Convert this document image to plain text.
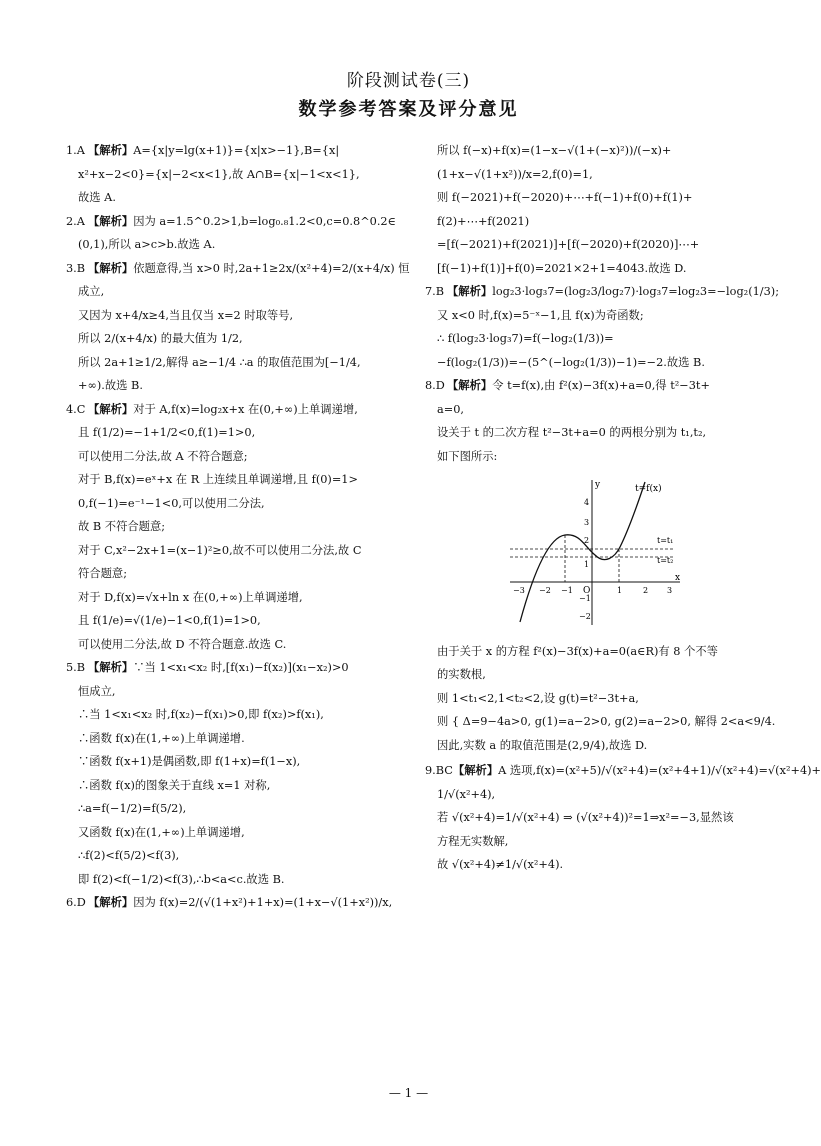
阶段测试卷(三)
数学参考答案及评分意见
1.A 【解析】A={x|y=lg(x+1)}={x|x>−1},B={x|
x²+x−2<0}={x|−2<x<1},故 A∩B={x|−1<x<1},
故选 A.
2.A 【解析】因为 a=1.5^0.2>1,b=log₀.₈1.2<0,c=0.8^0.2∈
(0,1),所以 a>c>b.故选 A.
3.B 【解析】依题意得,当 x>0 时,2a+1≥2x/(x²+4)=2/(x+4/x) 恒
成立,
又因为 x+4/x≥4,当且仅当 x=2 时取等号,
所以 2/(x+4/x) 的最大值为 1/2,
所以 2a+1≥1/2,解得 a≥−1/4 ∴a 的取值范围为[−1/4,
+∞).故选 B.
4.C 【解析】对于 A,f(x)=log₂x+x 在(0,+∞)上单调递增,
且 f(1/2)=−1+1/2<0,f(1)=1>0,
可以使用二分法,故 A 不符合题意;
对于 B,f(x)=eˣ+x 在 R 上连续且单调递增,且 f(0)=1>
0,f(−1)=e⁻¹−1<0,可以使用二分法,
故 B 不符合题意;
对于 C,x²−2x+1=(x−1)²≥0,故不可以使用二分法,故 C
符合题意;
对于 D,f(x)=√x+ln x 在(0,+∞)上单调递增,
且 f(1/e)=√(1/e)−1<0,f(1)=1>0,
可以使用二分法,故 D 不符合题意.故选 C.
5.B 【解析】∵当 1<x₁<x₂ 时,[f(x₁)−f(x₂)](x₁−x₂)>0
恒成立,
∴当 1<x₁<x₂ 时,f(x₂)−f(x₁)>0,即 f(x₂)>f(x₁),
∴函数 f(x)在(1,+∞)上单调递增.
∵函数 f(x+1)是偶函数,即 f(1+x)=f(1−x),
∴函数 f(x)的图象关于直线 x=1 对称,
∴a=f(−1/2)=f(5/2),
又函数 f(x)在(1,+∞)上单调递增,
∴f(2)<f(5/2)<f(3),
即 f(2)<f(−1/2)<f(3),∴b<a<c.故选 B.
6.D 【解析】因为 f(x)=2/(√(1+x²)+1+x)=(1+x−√(1+x²))/x,
所以 f(−x)+f(x)=(1−x−√(1+(−x)²))/(−x)+
(1+x−√(1+x²))/x=2,f(0)=1,
则 f(−2021)+f(−2020)+⋯+f(−1)+f(0)+f(1)+
f(2)+⋯+f(2021)
=[f(−2021)+f(2021)]+[f(−2020)+f(2020)]⋯+
[f(−1)+f(1)]+f(0)=2021×2+1=4043.故选 D.
7.B 【解析】log₂3·log₃7=(log₂3/log₂7)·log₃7=log₂3=−log₂(1/3);
又 x<0 时,f(x)=5⁻ˣ−1,且 f(x)为奇函数;
∴ f(log₂3·log₃7)=f(−log₂(1/3))=
−f(log₂(1/3))=−(5^(−log₂(1/3))−1)=−2.故选 B.
8.D 【解析】令 t=f(x),由 f²(x)−3f(x)+a=0,得 t²−3t+
a=0,
设关于 t 的二次方程 t²−3t+a=0 的两根分别为 t₁,t₂,
如下图所示:
t=f(x)
t=t₁
t=t₂
x
y
O
−3 −2 −1	1	2 3
4
3
2
1
−1
−2
由于关于 x 的方程 f²(x)−3f(x)+a=0(a∈R)有 8 个不等
的实数根,
则 1<t₁<2,1<t₂<2,设 g(t)=t²−3t+a,
则 { Δ=9−4a>0, g(1)=a−2>0, g(2)=a−2>0, 解得 2<a<9/4.
因此,实数 a 的取值范围是(2,9/4),故选 D.
9.BC【解析】A 选项,f(x)=(x²+5)/√(x²+4)=(x²+4+1)/√(x²+4)=√(x²+4)+
1/√(x²+4),
若 √(x²+4)=1/√(x²+4) ⇒ (√(x²+4))²=1⇒x²=−3,显然该
方程无实数解,
故 √(x²+4)≠1/√(x²+4).
— 1 —
